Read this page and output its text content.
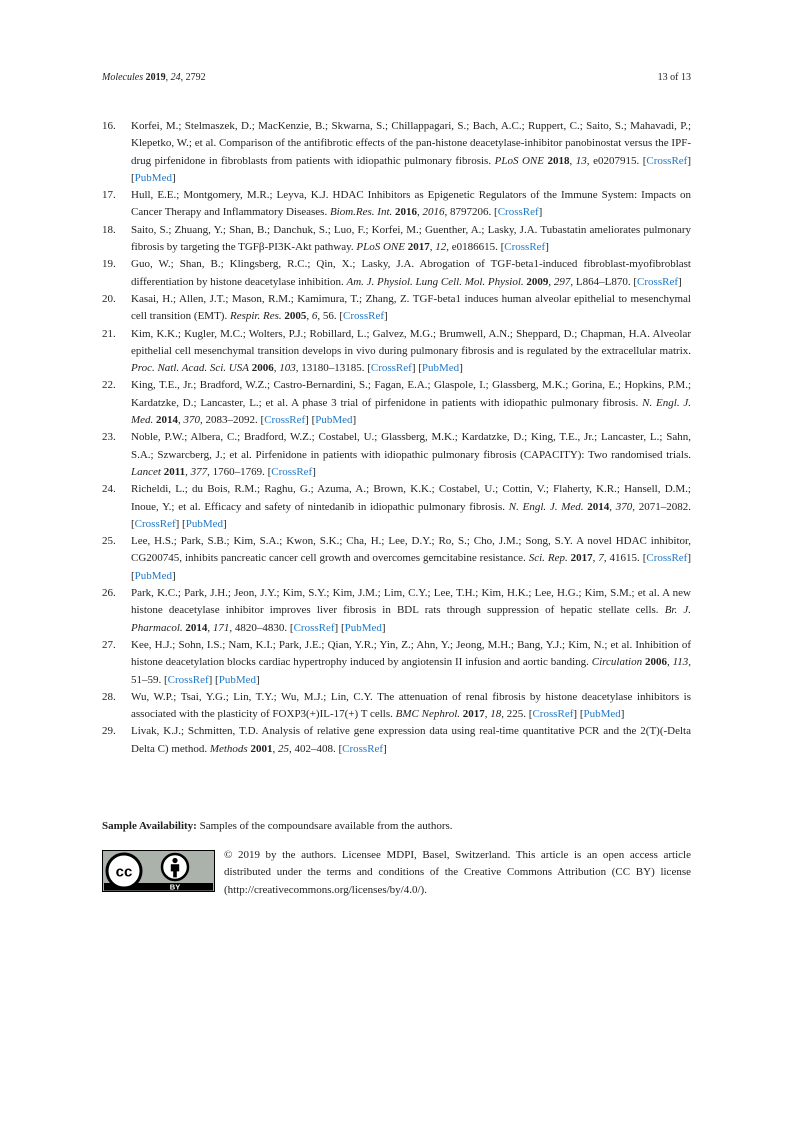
Molecules 2019, 24, 2792	13 of 13
16. Korfei, M.; Stelmaszek, D.; MacKenzie, B.; Skwarna, S.; Chillappagari, S.; Bach, A.C.; Ruppert, C.; Saito, S.; Mahavadi, P.; Klepetko, W.; et al. Comparison of the antifibrotic effects of the pan-histone deacetylase-inhibitor panobinostat versus the IPF-drug pirfenidone in fibroblasts from patients with idiopathic pulmonary fibrosis. PLoS ONE 2018, 13, e0207915. [CrossRef] [PubMed]
17. Hull, E.E.; Montgomery, M.R.; Leyva, K.J. HDAC Inhibitors as Epigenetic Regulators of the Immune System: Impacts on Cancer Therapy and Inflammatory Diseases. Biom.Res. Int. 2016, 2016, 8797206. [CrossRef]
18. Saito, S.; Zhuang, Y.; Shan, B.; Danchuk, S.; Luo, F.; Korfei, M.; Guenther, A.; Lasky, J.A. Tubastatin ameliorates pulmonary fibrosis by targeting the TGFβ-PI3K-Akt pathway. PLoS ONE 2017, 12, e0186615. [CrossRef]
19. Guo, W.; Shan, B.; Klingsberg, R.C.; Qin, X.; Lasky, J.A. Abrogation of TGF-beta1-induced fibroblast-myofibroblast differentiation by histone deacetylase inhibition. Am. J. Physiol. Lung Cell. Mol. Physiol. 2009, 297, L864–L870. [CrossRef]
20. Kasai, H.; Allen, J.T.; Mason, R.M.; Kamimura, T.; Zhang, Z. TGF-beta1 induces human alveolar epithelial to mesenchymal cell transition (EMT). Respir. Res. 2005, 6, 56. [CrossRef]
21. Kim, K.K.; Kugler, M.C.; Wolters, P.J.; Robillard, L.; Galvez, M.G.; Brumwell, A.N.; Sheppard, D.; Chapman, H.A. Alveolar epithelial cell mesenchymal transition develops in vivo during pulmonary fibrosis and is regulated by the extracellular matrix. Proc. Natl. Acad. Sci. USA 2006, 103, 13180–13185. [CrossRef] [PubMed]
22. King, T.E., Jr.; Bradford, W.Z.; Castro-Bernardini, S.; Fagan, E.A.; Glaspole, I.; Glassberg, M.K.; Gorina, E.; Hopkins, P.M.; Kardatzke, D.; Lancaster, L.; et al. A phase 3 trial of pirfenidone in patients with idiopathic pulmonary fibrosis. N. Engl. J. Med. 2014, 370, 2083–2092. [CrossRef] [PubMed]
23. Noble, P.W.; Albera, C.; Bradford, W.Z.; Costabel, U.; Glassberg, M.K.; Kardatzke, D.; King, T.E., Jr.; Lancaster, L.; Sahn, S.A.; Szwarcberg, J.; et al. Pirfenidone in patients with idiopathic pulmonary fibrosis (CAPACITY): Two randomised trials. Lancet 2011, 377, 1760–1769. [CrossRef]
24. Richeldi, L.; du Bois, R.M.; Raghu, G.; Azuma, A.; Brown, K.K.; Costabel, U.; Cottin, V.; Flaherty, K.R.; Hansell, D.M.; Inoue, Y.; et al. Efficacy and safety of nintedanib in idiopathic pulmonary fibrosis. N. Engl. J. Med. 2014, 370, 2071–2082. [CrossRef] [PubMed]
25. Lee, H.S.; Park, S.B.; Kim, S.A.; Kwon, S.K.; Cha, H.; Lee, D.Y.; Ro, S.; Cho, J.M.; Song, S.Y. A novel HDAC inhibitor, CG200745, inhibits pancreatic cancer cell growth and overcomes gemcitabine resistance. Sci. Rep. 2017, 7, 41615. [CrossRef] [PubMed]
26. Park, K.C.; Park, J.H.; Jeon, J.Y.; Kim, S.Y.; Kim, J.M.; Lim, C.Y.; Lee, T.H.; Kim, H.K.; Lee, H.G.; Kim, S.M.; et al. A new histone deacetylase inhibitor improves liver fibrosis in BDL rats through suppression of hepatic stellate cells. Br. J. Pharmacol. 2014, 171, 4820–4830. [CrossRef] [PubMed]
27. Kee, H.J.; Sohn, I.S.; Nam, K.I.; Park, J.E.; Qian, Y.R.; Yin, Z.; Ahn, Y.; Jeong, M.H.; Bang, Y.J.; Kim, N.; et al. Inhibition of histone deacetylation blocks cardiac hypertrophy induced by angiotensin II infusion and aortic banding. Circulation 2006, 113, 51–59. [CrossRef] [PubMed]
28. Wu, W.P.; Tsai, Y.G.; Lin, T.Y.; Wu, M.J.; Lin, C.Y. The attenuation of renal fibrosis by histone deacetylase inhibitors is associated with the plasticity of FOXP3(+)IL-17(+) T cells. BMC Nephrol. 2017, 18, 225. [CrossRef] [PubMed]
29. Livak, K.J.; Schmitten, T.D. Analysis of relative gene expression data using real-time quantitative PCR and the 2(T)(-Delta Delta C) method. Methods 2001, 25, 402–408. [CrossRef]
Sample Availability: Samples of the compoundsare available from the authors.
cc
BY
© 2019 by the authors. Licensee MDPI, Basel, Switzerland. This article is an open access article distributed under the terms and conditions of the Creative Commons Attribution (CC BY) license (http://creativecommons.org/licenses/by/4.0/).
